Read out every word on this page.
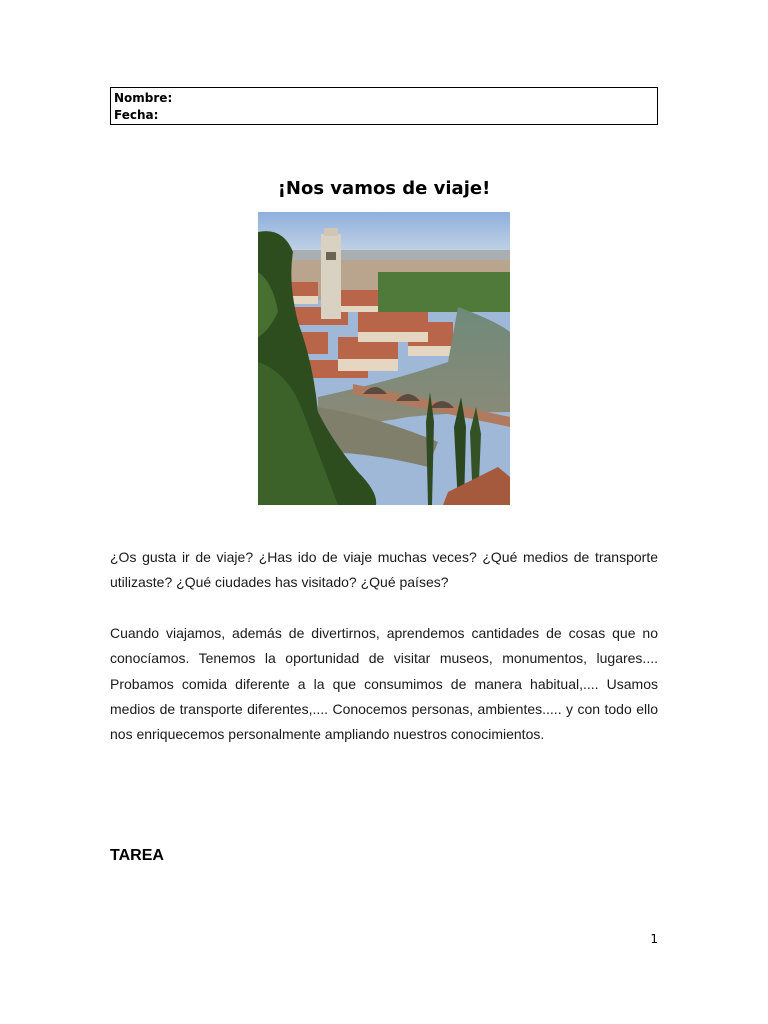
Nombre:
Fecha:
¡Nos vamos de viaje!

¿Os gusta ir de viaje? ¿Has ido de viaje muchas veces? ¿Qué medios de transporte utilizaste? ¿Qué ciudades has visitado? ¿Qué países?

Cuando viajamos, además de divertirnos, aprendemos cantidades de cosas que no conocíamos. Tenemos la oportunidad de visitar museos, monumentos, lugares.... Probamos comida diferente a la que consumimos de manera habitual,.... Usamos medios de transporte diferentes,.... Conocemos personas, ambientes..... y con todo ello nos enriquecemos personalmente ampliando nuestros conocimientos.

TAREA
1
